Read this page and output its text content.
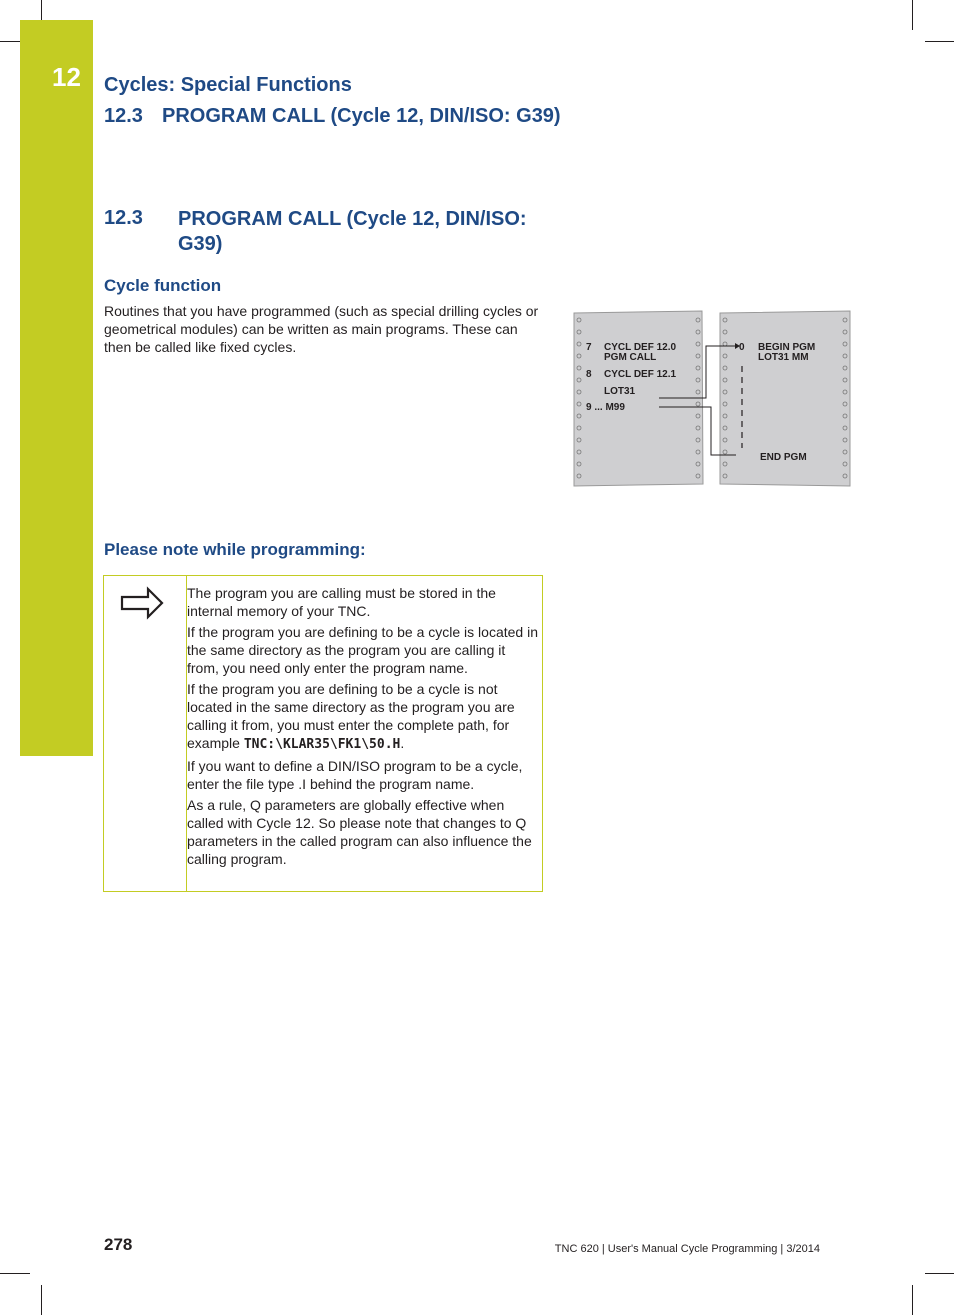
12 Cycles: Special Functions
12.3 PROGRAM CALL (Cycle 12, DIN/ISO: G39)
12.3 PROGRAM CALL (Cycle 12, DIN/ISO: G39)
Cycle function
Routines that you have programmed (such as special drilling cycles or geometrical modules) can be written as main programs. These can then be called like fixed cycles.	7 CYCL DEF 12.0
PGM CALL
8 CYCL DEF 12.1
LOT31
9 ... M99
0 BEGIN PGM
LOT31 MM
END PGM
Please note while programming:

The program you are calling must be stored in the internal memory of your TNC.

If the program you are defining to be a cycle is located in the same directory as the program you are calling it from, you need only enter the program name.

If the program you are defining to be a cycle is not located in the same directory as the program you are calling it from, you must enter the complete path, for example TNC:\KLAR35\FK1\50.H.

If you want to define a DIN/ISO program to be a cycle, enter the file type .I behind the program name.

As a rule, Q parameters are globally effective when called with Cycle 12. So please note that changes to Q parameters in the called program can also influence the calling program.

278	TNC 620 | User's Manual Cycle Programming | 3/2014
